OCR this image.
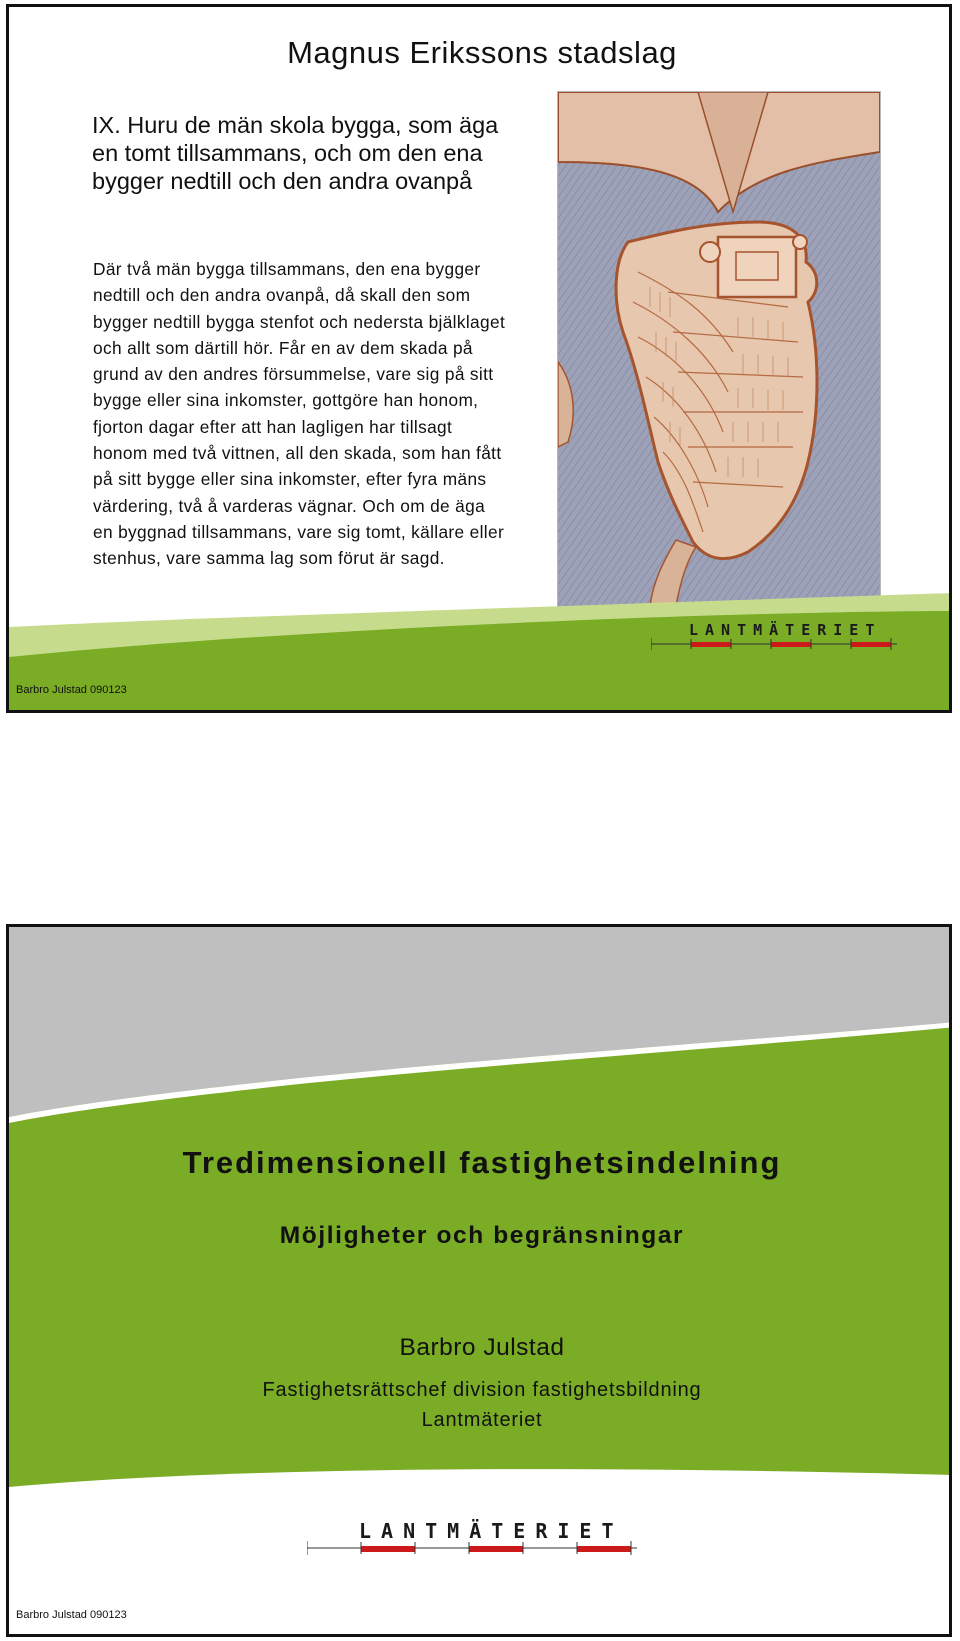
Magnus Erikssons stadslag

IX. Huru de män skola bygga, som äga en tomt tillsammans, och om den ena bygger nedtill och den andra ovanpå

Där två män bygga tillsammans, den ena bygger nedtill och den andra ovanpå, då skall den som bygger nedtill bygga stenfot och nedersta bjälklaget och allt som därtill hör. Får en av dem skada på grund av den andres försummelse, vare sig på sitt bygge eller sina inkomster, gottgöre han honom, fjorton dagar efter att han lagligen har tillsagt honom med två vittnen, all den skada, som han fått på sitt bygge eller sina inkomster, efter fyra mäns värdering, två å varderas vägnar. Och om de äga en byggnad tillsammans, vare sig tomt, källare eller stenhus, vare samma lag som förut är sagd.

LANTMÄTERIET
Barbro Julstad 090123
Tredimensionell fastighetsindelning
Möjligheter och begränsningar
Barbro Julstad
Fastighetsrättschef division fastighetsbildning
Lantmäteriet
LANTMÄTERIET
Barbro Julstad 090123
